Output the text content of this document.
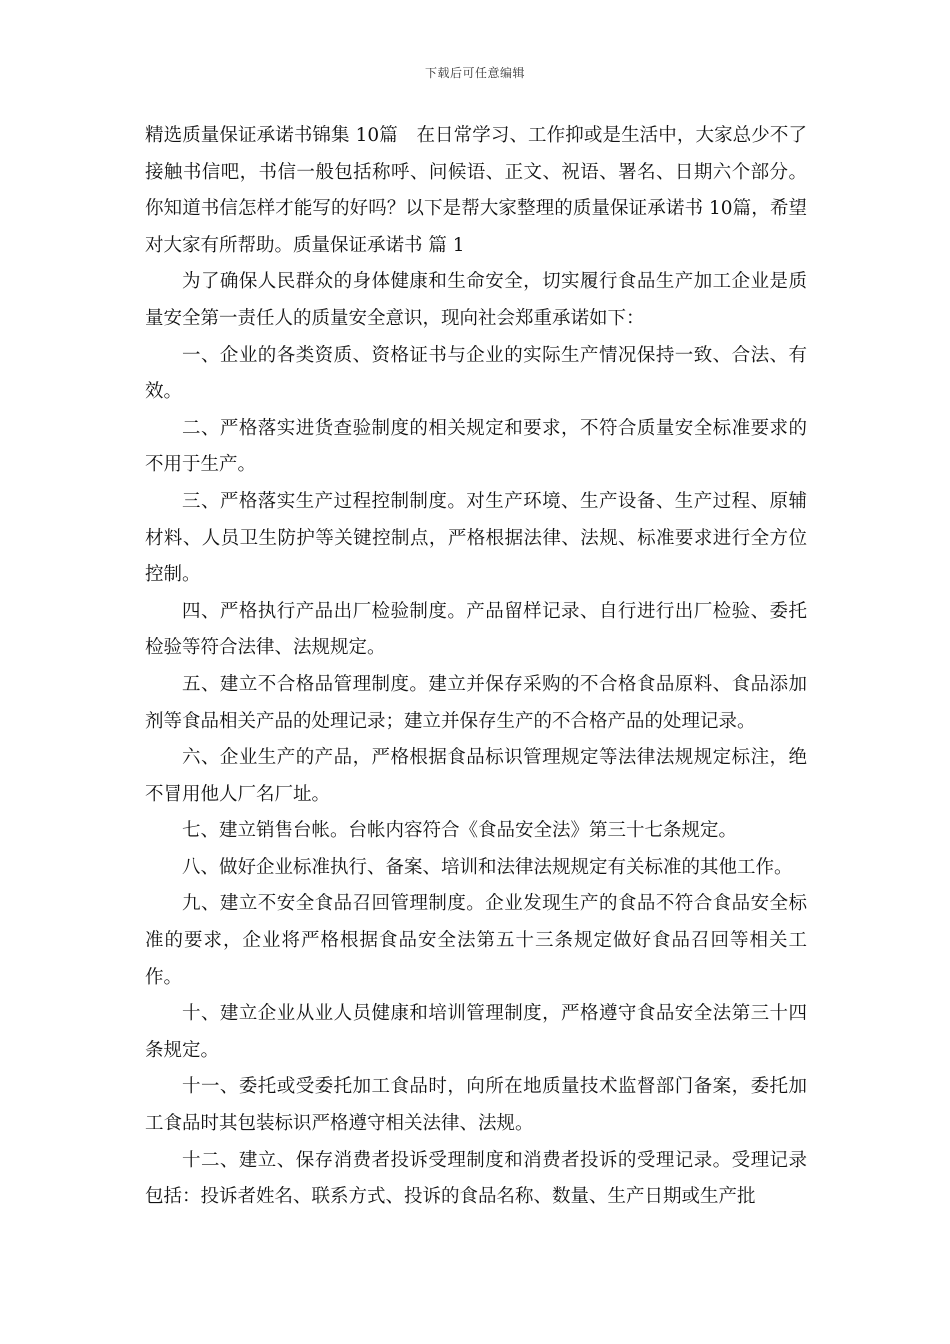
下载后可任意编辑

精选质量保证承诺书锦集 10篇　在日常学习、工作抑或是生活中，大家总少不了接触书信吧，书信一般包括称呼、问候语、正文、祝语、署名、日期六个部分。你知道书信怎样才能写的好吗？以下是帮大家整理的质量保证承诺书 10篇，希望对大家有所帮助。质量保证承诺书 篇 1

为了确保人民群众的身体健康和生命安全，切实履行食品生产加工企业是质量安全第一责任人的质量安全意识，现向社会郑重承诺如下：

一、企业的各类资质、资格证书与企业的实际生产情况保持一致、合法、有效。

二、严格落实进货查验制度的相关规定和要求，不符合质量安全标准要求的不用于生产。

三、严格落实生产过程控制制度。对生产环境、生产设备、生产过程、原辅材料、人员卫生防护等关键控制点，严格根据法律、法规、标准要求进行全方位控制。

四、严格执行产品出厂检验制度。产品留样记录、自行进行出厂检验、委托检验等符合法律、法规规定。

五、建立不合格品管理制度。建立并保存采购的不合格食品原料、食品添加剂等食品相关产品的处理记录；建立并保存生产的不合格产品的处理记录。

六、企业生产的产品，严格根据食品标识管理规定等法律法规规定标注，绝不冒用他人厂名厂址。

七、建立销售台帐。台帐内容符合《食品安全法》第三十七条规定。

八、做好企业标准执行、备案、培训和法律法规规定有关标准的其他工作。

九、建立不安全食品召回管理制度。企业发现生产的食品不符合食品安全标准的要求，企业将严格根据食品安全法第五十三条规定做好食品召回等相关工作。

十、建立企业从业人员健康和培训管理制度，严格遵守食品安全法第三十四条规定。

十一、委托或受委托加工食品时，向所在地质量技术监督部门备案，委托加工食品时其包装标识严格遵守相关法律、法规。

十二、建立、保存消费者投诉受理制度和消费者投诉的受理记录。受理记录包括：投诉者姓名、联系方式、投诉的食品名称、数量、生产日期或生产批
